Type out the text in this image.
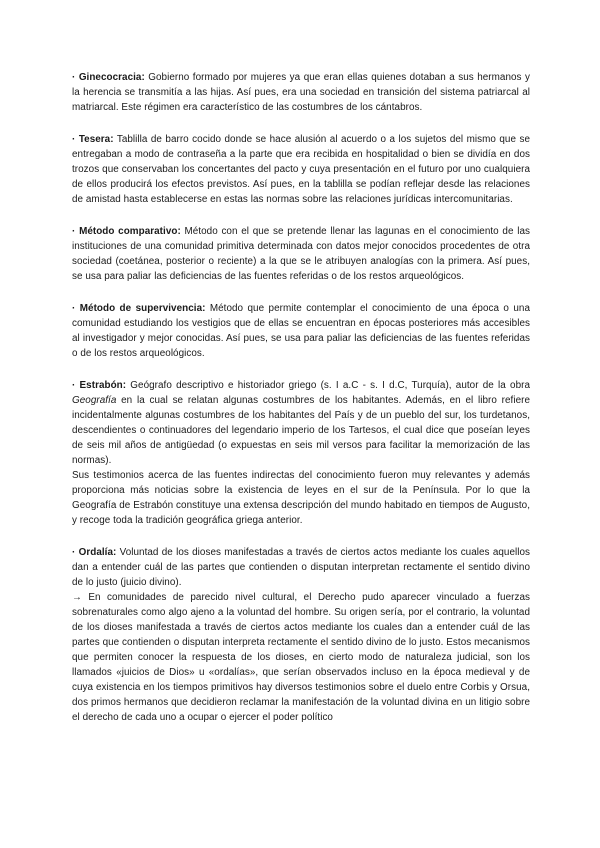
· Ginecocracia: Gobierno formado por mujeres ya que eran ellas quienes dotaban a sus hermanos y la herencia se transmitía a las hijas. Así pues, era una sociedad en transición del sistema patriarcal al matriarcal. Este régimen era característico de las costumbres de los cántabros.

· Tesera: Tablilla de barro cocido donde se hace alusión al acuerdo o a los sujetos del mismo que se entregaban a modo de contraseña a la parte que era recibida en hospitalidad o bien se dividía en dos trozos que conservaban los concertantes del pacto y cuya presentación en el futuro por uno cualquiera de ellos producirá los efectos previstos. Así pues, en la tablilla se podían reflejar desde las relaciones de amistad hasta establecerse en estas las normas sobre las relaciones jurídicas intercomunitarias.

· Método comparativo: Método con el que se pretende llenar las lagunas en el conocimiento de las instituciones de una comunidad primitiva determinada con datos mejor conocidos procedentes de otra sociedad (coetánea, posterior o reciente) a la que se le atribuyen analogías con la primera. Así pues, se usa para paliar las deficiencias de las fuentes referidas o de los restos arqueológicos.

· Método de supervivencia: Método que permite contemplar el conocimiento de una época o una comunidad estudiando los vestigios que de ellas se encuentran en épocas posteriores más accesibles al investigador y mejor conocidas. Así pues, se usa para paliar las deficiencias de las fuentes referidas o de los restos arqueológicos.

· Estrabón: Geógrafo descriptivo e historiador griego (s. I a.C - s. I d.C, Turquía), autor de la obra Geografía en la cual se relatan algunas costumbres de los habitantes. Además, en el libro refiere incidentalmente algunas costumbres de los habitantes del País y de un pueblo del sur, los turdetanos, descendientes o continuadores del legendario imperio de los Tartesos, el cual dice que poseían leyes de seis mil años de antigüedad (o expuestas en seis mil versos para facilitar la memorización de las normas).

Sus testimonios acerca de las fuentes indirectas del conocimiento fueron muy relevantes y además proporciona más noticias sobre la existencia de leyes en el sur de la Península. Por lo que la Geografía de Estrabón constituye una extensa descripción del mundo habitado en tiempos de Augusto, y recoge toda la tradición geográfica griega anterior.

· Ordalía: Voluntad de los dioses manifestadas a través de ciertos actos mediante los cuales aquellos dan a entender cuál de las partes que contienden o disputan interpretan rectamente el sentido divino de lo justo (juicio divino).

→ En comunidades de parecido nivel cultural, el Derecho pudo aparecer vinculado a fuerzas sobrenaturales como algo ajeno a la voluntad del hombre. Su origen sería, por el contrario, la voluntad de los dioses manifestada a través de ciertos actos mediante los cuales dan a entender cuál de las partes que contienden o disputan interpreta rectamente el sentido divino de lo justo. Estos mecanismos que permiten conocer la respuesta de los dioses, en cierto modo de naturaleza judicial, son los llamados «juicios de Dios» u «ordalías», que serían observados incluso en la época medieval y de cuya existencia en los tiempos primitivos hay diversos testimonios sobre el duelo entre Corbis y Orsua, dos primos hermanos que decidieron reclamar la manifestación de la voluntad divina en un litigio sobre el derecho de cada uno a ocupar o ejercer el poder político
